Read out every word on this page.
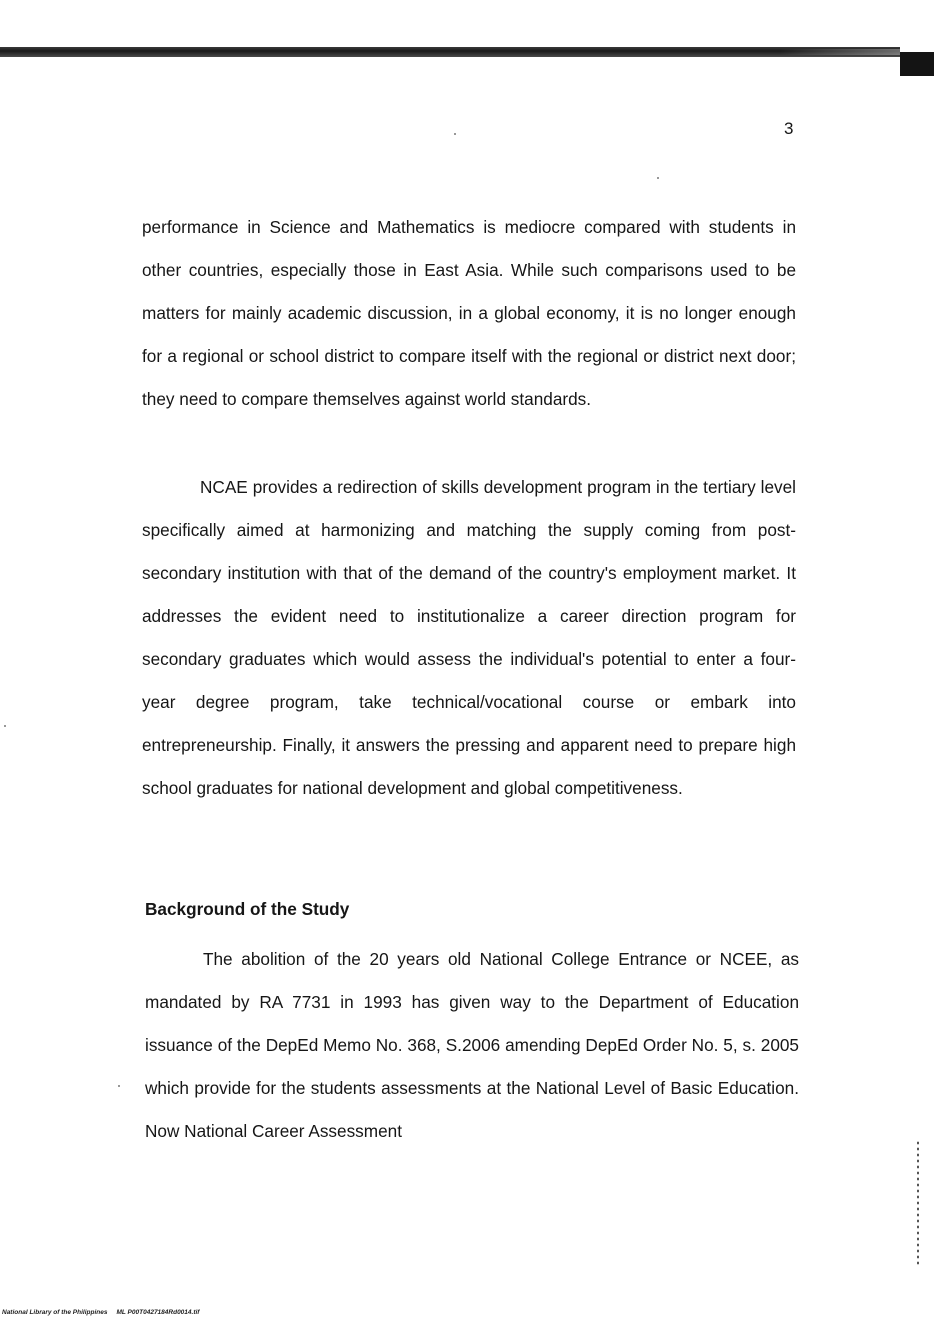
3

performance in Science and Mathematics is mediocre compared with students in other countries, especially those in East Asia. While such comparisons used to be matters for mainly academic discussion, in a global economy, it is no longer enough for a regional or school district to compare itself with the regional or district next door; they need to compare themselves against world standards.

NCAE provides a redirection of skills development program in the tertiary level specifically aimed at harmonizing and matching the supply coming from post-secondary institution with that of the demand of the country's employment market. It addresses the evident need to institutionalize a career direction program for secondary graduates which would assess the individual's potential to enter a four-year degree program, take technical/vocational course or embark into entrepreneurship. Finally, it answers the pressing and apparent need to prepare high school graduates for national development and global competitiveness.

Background of the Study

The abolition of the 20 years old National College Entrance or NCEE, as mandated by RA 7731 in 1993 has given way to the Department of Education issuance of the DepEd Memo No. 368, S.2006 amending DepEd Order No. 5, s. 2005 which provide for the students assessments at the National Level of Basic Education. Now National Career Assessment

National Library of the Philippines     ML P00T0427184Rd0014.tif
